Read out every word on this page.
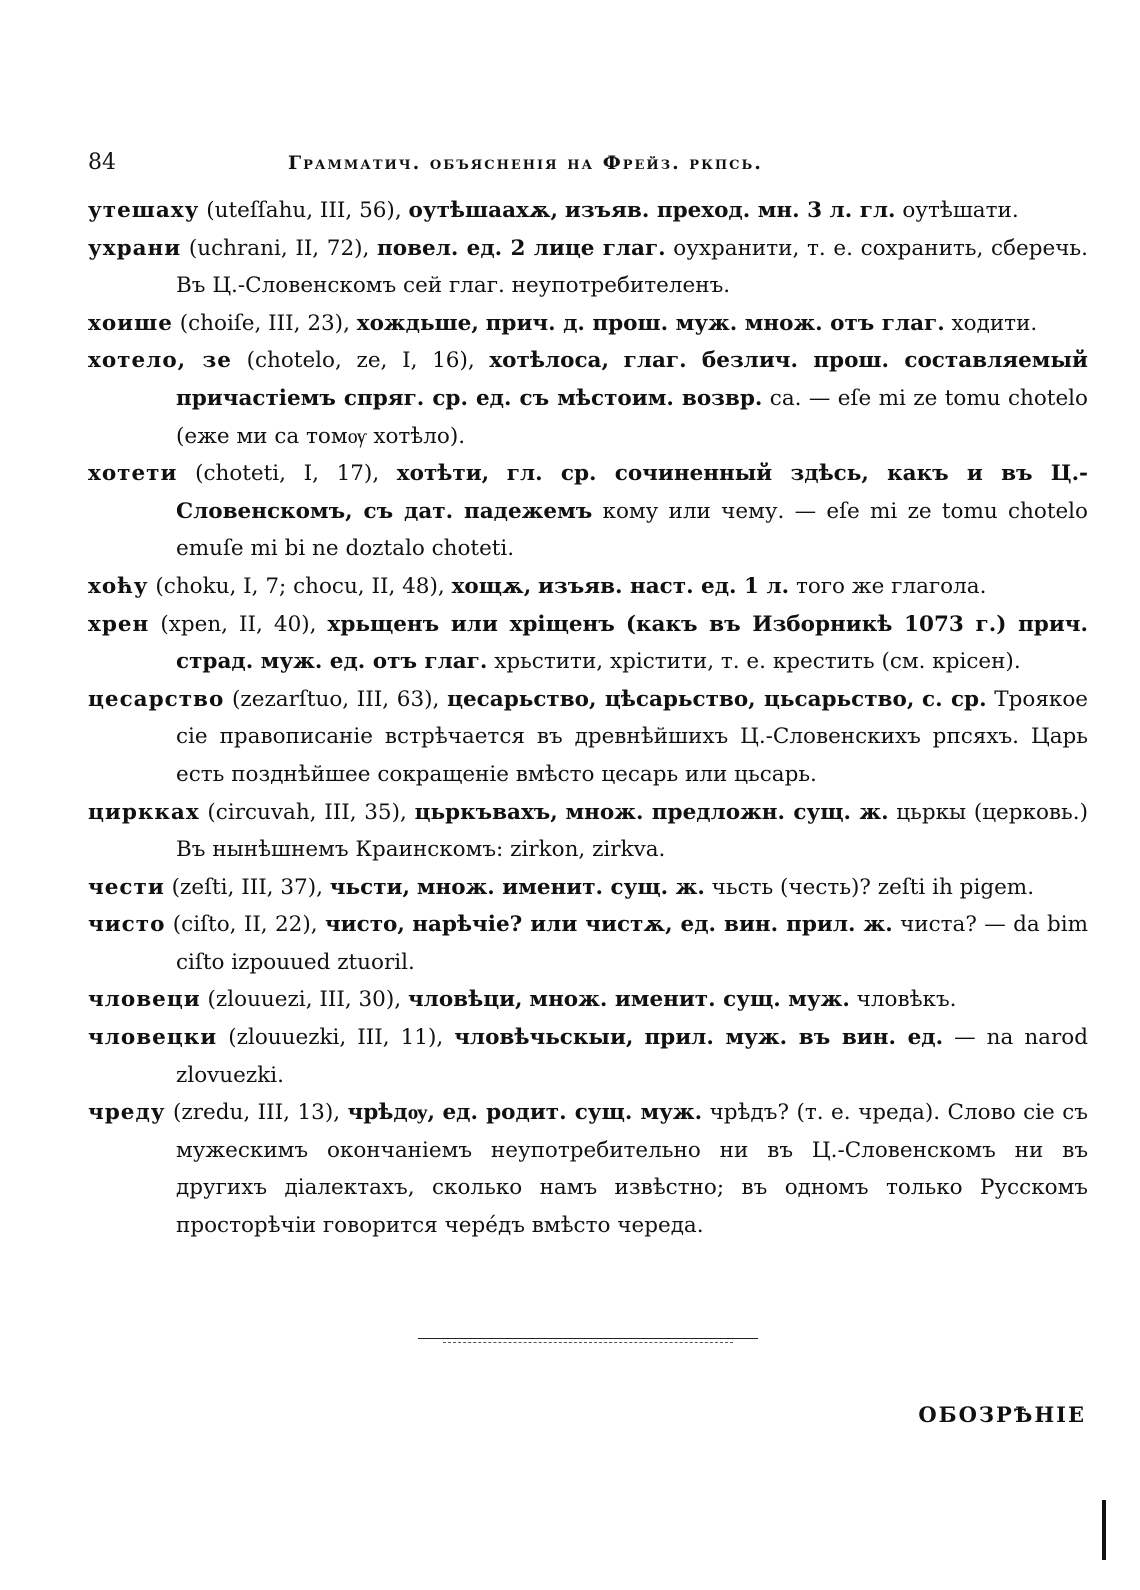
84	Грамматич. объясненія на Фрейз. ркпсь.

утешаху (uteſſahu, III, 56), оутѣшаахѫ, изъяв. преход. мн. 3 л. гл. оутѣшати.

ухрани (uchrani, II, 72), повел. ед. 2 лице глаг. оухранити, т. е. сохранить, сберечь. Въ Ц.-Словенскомъ сей глаг. неупотребителенъ.

хоише (choiſe, III, 23), хождьше, прич. д. прош. муж. множ. отъ глаг. ходити.

хотело, зе (chotelo, ze, I, 16), хотѣлоса, глаг. безлич. прош. составляемый причастіемъ спряг. ср. ед. съ мѣстоим. возвр. са. — eſe mi ze tomu chotelo (еже ми са томѹ хотѣло).

хотети (choteti, I, 17), хотѣти, гл. ср. сочиненный здѣсь, какъ и въ Ц.-Словенскомъ, съ дат. падежемъ кому или чему. — eſe mi ze tomu chotelo emuſe mi bi ne doztalo choteti.

хоћу (choku, I, 7; chocu, II, 48), хощѫ, изъяв. наст. ед. 1 л. того же глагола.

хрен (xpen, II, 40), хрьщенъ или хріщенъ (какъ въ Изборникѣ 1073 г.) прич. страд. муж. ед. отъ глаг. хрьстити, хрістити, т. е. крестить (см. крісен).

цесарство (zezarſtuo, III, 63), цесарьство, цѣсарьство, цьсарьство, с. ср. Троякое сіе правописаніе встрѣчается въ древнѣйшихъ Ц.-Словенскихъ рпсяхъ. Царь есть позднѣйшее сокращеніе вмѣсто цесарь или цьсарь.

циркках (circuvah, III, 35), цьркъвахъ, множ. предложн. сущ. ж. цьркы (церковь.) Въ нынѣшнемъ Краинскомъ: zirkon, zirkva.

чести (zeſti, III, 37), чьсти, множ. именит. сущ. ж. чьсть (честь)? zeſti ih pigem.

чисто (ciſto, II, 22), чисто, нарѣчіе? или чистѫ, ед. вин. прил. ж. чиста? — da bim ciſto izpouued ztuoril.

чловеци (zlouuezi, III, 30), чловѣци, множ. именит. сущ. муж. чловѣкъ.

чловецки (zlouuezki, III, 11), чловѣчьскыи, прил. муж. въ вин. ед. — na narod zlovuezki.

чреду (zredu, III, 13), чрѣдѹ, ед. родит. сущ. муж. чрѣдъ? (т. е. чреда). Слово сіе съ мужескимъ окончаніемъ неупотребительно ни въ Ц.-Словенскомъ ни въ другихъ діалектахъ, сколько намъ извѣстно; въ одномъ только Русскомъ просторѣчіи говорится черéдъ вмѣсто череда.

ОБОЗРѢНІЕ
